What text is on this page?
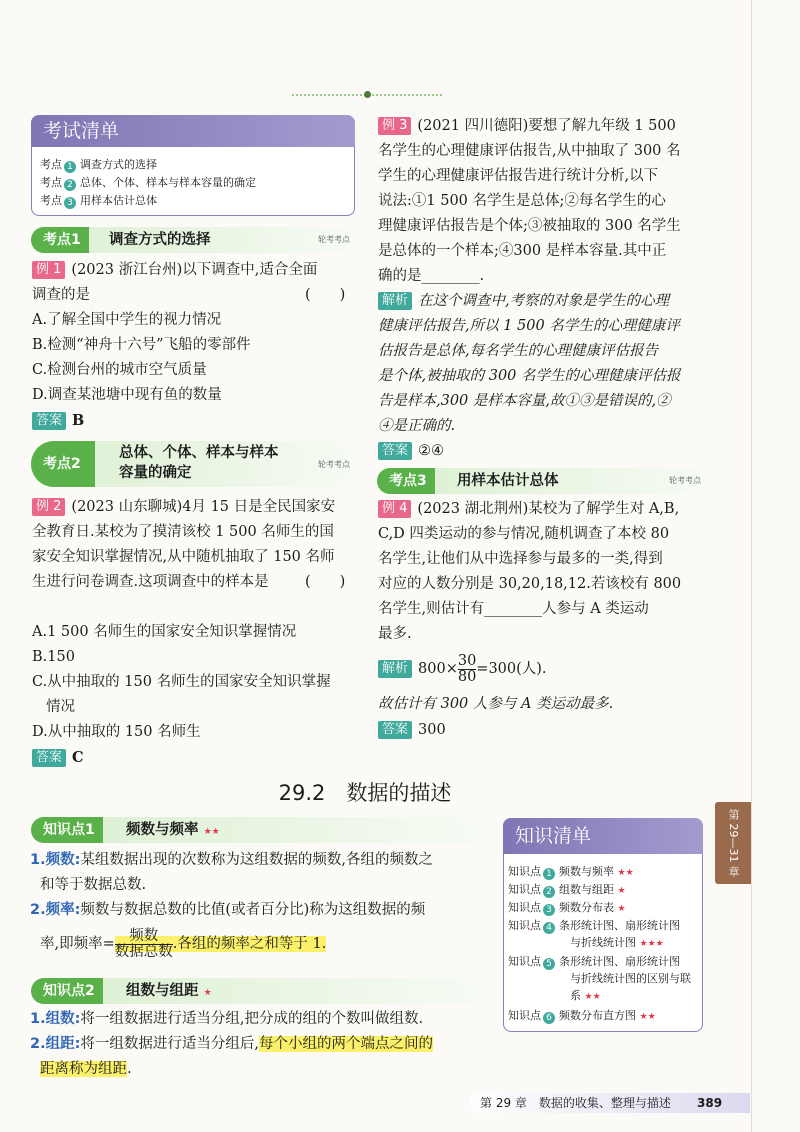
考试清单
考点 1 调查方式的选择
考点 2 总体、个体、样本与样本容量的确定
考点 3 用样本估计总体
考点1	调查方式的选择	轮考考点
例 1 (2023 浙江台州)以下调查中,适合全面
调查的是	(　　)
A.了解全国中学生的视力情况
B.检测“神舟十六号”飞船的零部件
C.检测台州的城市空气质量
D.调查某池塘中现有鱼的数量
答案 B
考点2
总体、个体、样本与样本
容量的确定
轮考考点
例 2 (2023 山东聊城)4月 15 日是全民国家安
全教育日.某校为了摸清该校 1 500 名师生的国
家安全知识掌握情况,从中随机抽取了 150 名师
生进行问卷调查.这项调查中的样本是	(　　)
A.1 500 名师生的国家安全知识掌握情况
B.150
C.从中抽取的 150 名师生的国家安全知识掌握
情况
D.从中抽取的 150 名师生
答案 C
例 3 (2021 四川德阳)要想了解九年级 1 500
名学生的心理健康评估报告,从中抽取了 300 名
学生的心理健康评估报告进行统计分析,以下
说法:①1 500 名学生是总体;②每名学生的心
理健康评估报告是个体;③被抽取的 300 名学生
是总体的一个样本;④300 是样本容量.其中正
确的是________.
解析 在这个调查中,考察的对象是学生的心理
健康评估报告,所以 1 500 名学生的心理健康评
估报告是总体,每名学生的心理健康评估报告
是个体,被抽取的 300 名学生的心理健康评估报
告是样本,300 是样本容量,故①③是错误的,②
④是正确的.
答案 ②④
考点3	用样本估计总体	轮考考点
例 4 (2023 湖北荆州)某校为了解学生对 A,B,
C,D 四类运动的参与情况,随机调查了本校 80
名学生,让他们从中选择参与最多的一类,得到
对应的人数分别是 30,20,18,12.若该校有 800
名学生,则估计有________人参与 A 类运动
最多.
解析 $800\times \frac{30}{80} =300$(人).
故估计有 300 人参与 A 类运动最多.
答案 300
29.2　数据的描述
知识点1	频数与频率 ★★
1.频数:某组数据出现的次数称为这组数据的频数,各组的频数之
和等于数据总数.
2.频率:频数与数据总数的比值(或者百分比)称为这组数据的频
率,即频率= $\frac{\text{频数}}{\text{数据总数}}$ .各组的频率之和等于 1.
知识点2	组数与组距 ★
1.组数:将一组数据进行适当分组,把分成的组的个数叫做组数.
2.组距:将一组数据进行适当分组后,每个小组的两个端点之间的
距离称为组距.
知识清单
知识点 1 频数与频率 ★★
知识点 2 组数与组距 ★
知识点 3 频数分布表 ★
知识点 4 条形统计图、扇形统计图
与折线统计图 ★★★
知识点 5 条形统计图、扇形统计图
与折线统计图的区别与联
系 ★★
知识点 6 频数分布直方图 ★★
第 29—31 章
第 29 章　数据的收集、整理与描述 389
